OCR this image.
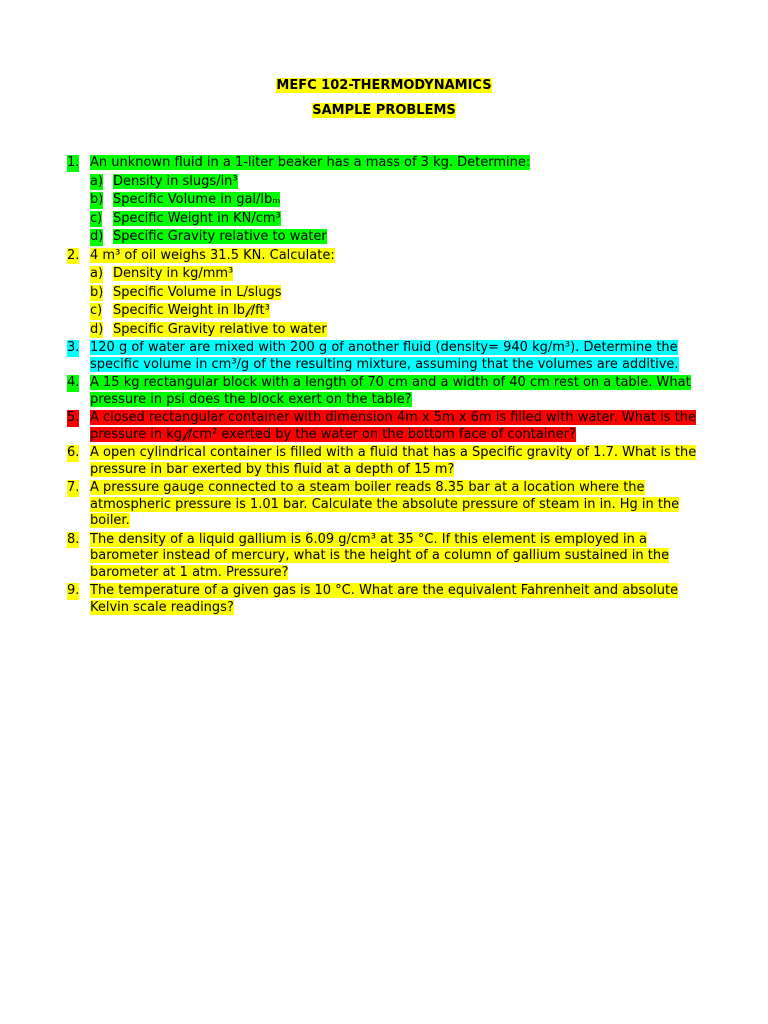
MEFC 102-THERMODYNAMICS
SAMPLE PROBLEMS
1. An unknown fluid in a 1-liter beaker has a mass of 3 kg. Determine:
a) Density in slugs/in³
b) Specific Volume in gal/lbₘ
c) Specific Weight in KN/cm³
d) Specific Gravity relative to water
2. 4 m³ of oil weighs 31.5 KN. Calculate:
a) Density in kg/mm³
b) Specific Volume in L/slugs
c) Specific Weight in lb𝒻/ft³
d) Specific Gravity relative to water
3. 120 g of water are mixed with 200 g of another fluid (density= 940 kg/m³). Determine the specific volume in cm³/g of the resulting mixture, assuming that the volumes are additive.
4. A 15 kg rectangular block with a length of 70 cm and a width of 40 cm rest on a table. What pressure in psi does the block exert on the table?
5. A closed rectangular container with dimension 4m x 5m x 6m is filled with water. What is the pressure in kg𝒻/cm² exerted by the water on the bottom face of container?
6. A open cylindrical container is filled with a fluid that has a Specific gravity of 1.7. What is the pressure in bar exerted by this fluid at a depth of 15 m?
7. A pressure gauge connected to a steam boiler reads 8.35 bar at a location where the atmospheric pressure is 1.01 bar. Calculate the absolute pressure of steam in in. Hg in the boiler.
8. The density of a liquid gallium is 6.09 g/cm³ at 35 °C. If this element is employed in a barometer instead of mercury, what is the height of a column of gallium sustained in the barometer at 1 atm. Pressure?
9. The temperature of a given gas is 10 °C. What are the equivalent Fahrenheit and absolute Kelvin scale readings?
